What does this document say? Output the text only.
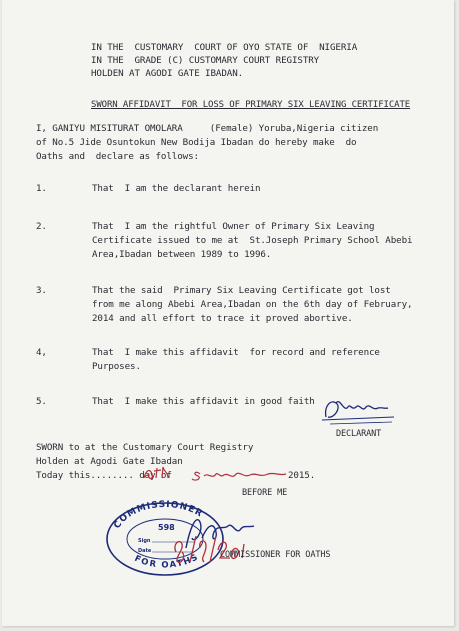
IN THE  CUSTOMARY  COURT OF OYO STATE OF  NIGERIA
IN THE  GRADE (C) CUSTOMARY COURT REGISTRY
HOLDEN AT AGODI GATE IBADAN.
SWORN AFFIDAVIT  FOR LOSS OF PRIMARY SIX LEAVING CERTIFICATE
I, GANIYU MISITURAT OMOLARA     (Female) Yoruba,Nigeria citizen
of No.5 Jide Osuntokun New Bodija Ibadan do hereby make  do
Oaths and  declare as follows:
1.	That  I am the declarant herein
2.	That  I am the rightful Owner of Primary Six Leaving
Certificate issued to me at  St.Joseph Primary School Abebi
Area,Ibadan between 1989 to 1996.
3.	That the said  Primary Six Leaving Certificate got lost
from me along Abebi Area,Ibadan on the 6th day of February,
2014 and all effort to trace it proved abortive.
4,	That  I make this affidavit  for record and reference
Purposes.
5.	That  I make this affidavit in good faith
DECLARANT
SWORN to at the Customary Court Registry
Holden at Agodi Gate Ibadan
Today this........ day of	2015.
BEFORE ME
COMMISSIONER
FOR OATHS
598
Sign
Date	COMMISSIONER FOR OATHS
